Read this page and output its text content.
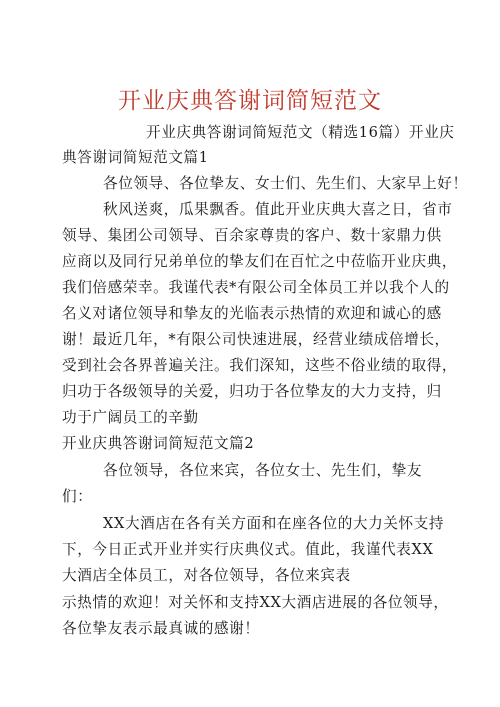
开业庆典答谢词简短范文
开业庆典答谢词简短范文（精选16篇）开业庆
典答谢词简短范文篇1
各位领导、各位挚友、女士们、先生们、大家早上好！
秋风送爽，瓜果飘香。值此开业庆典大喜之日，省市
领导、集团公司领导、百余家尊贵的客户、数十家鼎力供
应商以及同行兄弟单位的挚友们在百忙之中莅临开业庆典，
我们倍感荣幸。我谨代表*有限公司全体员工并以我个人的
名义对诸位领导和挚友的光临表示热情的欢迎和诚心的感
谢！最近几年，*有限公司快速进展，经营业绩成倍增长，
受到社会各界普遍关注。我们深知，这些不俗业绩的取得，
归功于各级领导的关爱，归功于各位挚友的大力支持，归
功于广阔员工的辛勤
开业庆典答谢词简短范文篇2
各位领导，各位来宾，各位女士、先生们，挚友
们：
XX大酒店在各有关方面和在座各位的大力关怀支持
下，今日正式开业并实行庆典仪式。值此，我谨代表XX
大酒店全体员工，对各位领导，各位来宾表
示热情的欢迎！对关怀和支持XX大酒店进展的各位领导，
各位挚友表示最真诚的感谢！
